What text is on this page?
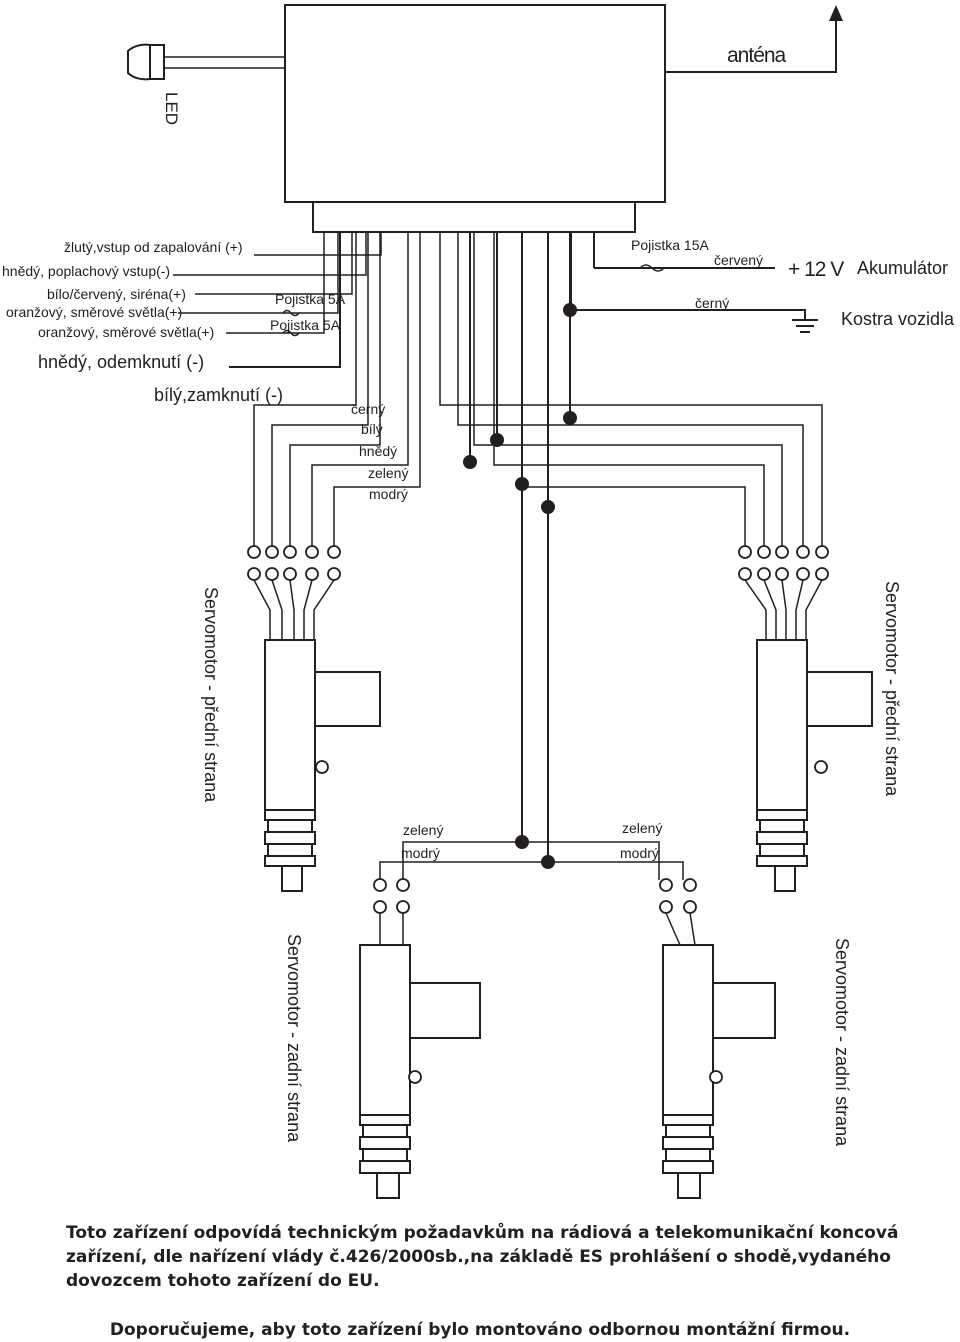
LED
anténa
+ 12 V Akumulátor
Kostra vozidla
Pojistka 15A
červený
černý
žlutý,vstup od zapalování (+)
hnědý, poplachový vstup(-)
bílo/červený, siréna(+)
oranžový, směrové světla(+)
oranžový, směrové světla(+)
Pojistka 5A
Pojistka 5A
hnědý, odemknutí (-)
bílý,zamknutí (-)
černý
bílý
hnědý
zelený
modrý
zelený
modrý
zelený
modrý
Servomotor - přední strana	Servomotor - přední strana
Servomotor - zadní strana	Servomotor - zadní strana

Toto zařízení odpovídá technickým požadavkům na rádiová a telekomunikační koncová zařízení, dle nařízení vlády č.426/2000sb.,na základě ES prohlášení o shodě,vydaného dovozcem tohoto zařízení do EU.

Doporučujeme, aby toto zařízení bylo montováno odbornou montážní firmou.
